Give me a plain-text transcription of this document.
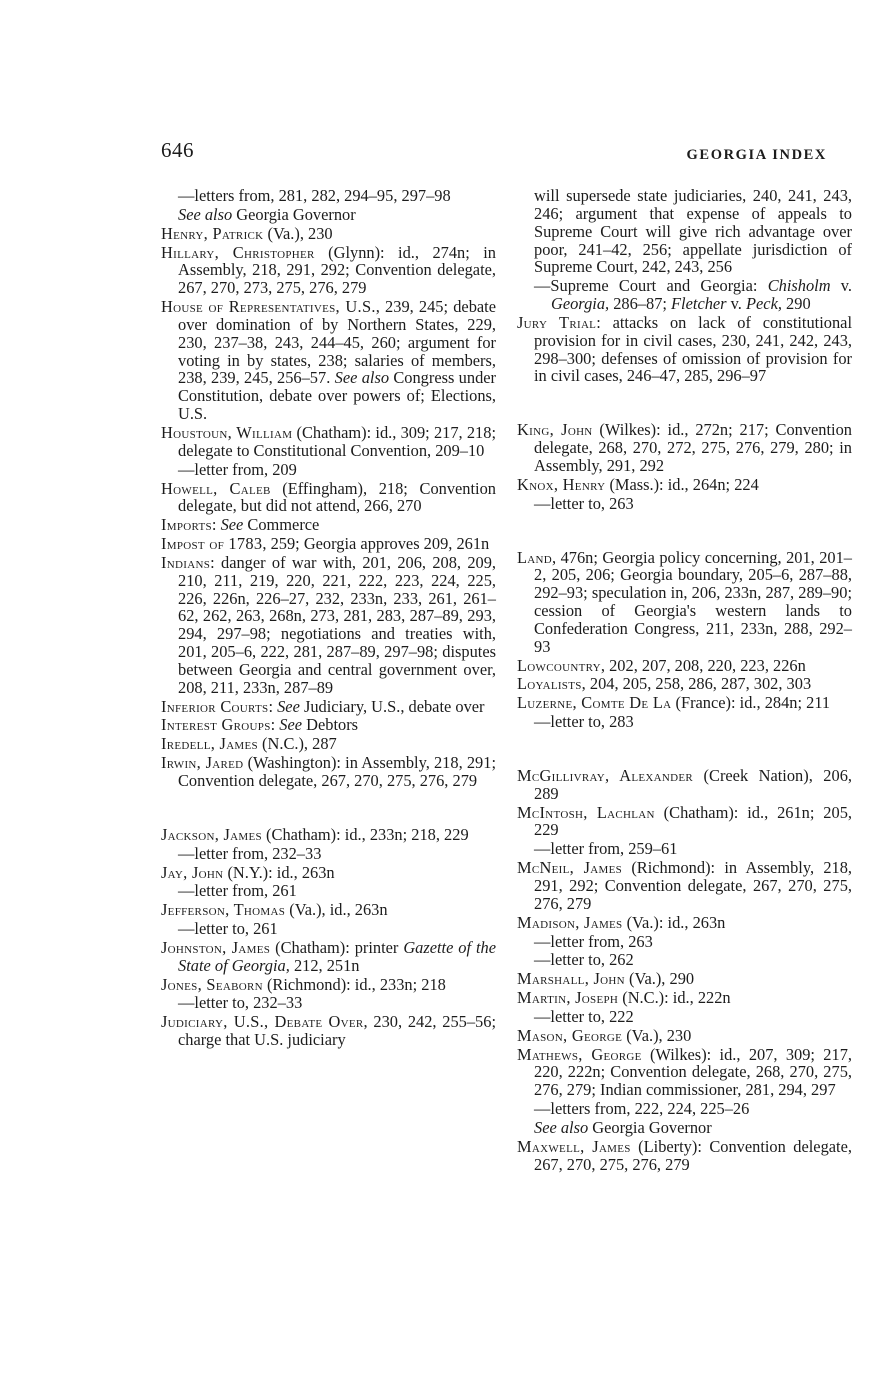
646	GEORGIA INDEX

—letters from, 281, 282, 294–95, 297–98

See also Georgia Governor

Henry, Patrick (Va.), 230

Hillary, Christopher (Glynn): id., 274n; in Assembly, 218, 291, 292; Convention delegate, 267, 270, 273, 275, 276, 279

House of Representatives, U.S., 239, 245; debate over domination of by Northern States, 229, 230, 237–38, 243, 244–45, 260; argument for voting in by states, 238; salaries of members, 238, 239, 245, 256–57. See also Congress under Constitution, debate over powers of; Elections, U.S.

Houstoun, William (Chatham): id., 309; 217, 218; delegate to Constitutional Convention, 209–10

—letter from, 209

Howell, Caleb (Effingham), 218; Convention delegate, but did not attend, 266, 270

Imports: See Commerce

Impost of 1783, 259; Georgia approves 209, 261n

Indians: danger of war with, 201, 206, 208, 209, 210, 211, 219, 220, 221, 222, 223, 224, 225, 226, 226n, 226–27, 232, 233n, 233, 261, 261–62, 262, 263, 268n, 273, 281, 283, 287–89, 293, 294, 297–98; negotiations and treaties with, 201, 205–6, 222, 281, 287–89, 297–98; disputes between Georgia and central government over, 208, 211, 233n, 287–89

Inferior Courts: See Judiciary, U.S., debate over

Interest Groups: See Debtors

Iredell, James (N.C.), 287

Irwin, Jared (Washington): in Assembly, 218, 291; Convention delegate, 267, 270, 275, 276, 279

Jackson, James (Chatham): id., 233n; 218, 229

—letter from, 232–33

Jay, John (N.Y.): id., 263n

—letter from, 261

Jefferson, Thomas (Va.), id., 263n

—letter to, 261

Johnston, James (Chatham): printer Gazette of the State of Georgia, 212, 251n

Jones, Seaborn (Richmond): id., 233n; 218

—letter to, 232–33

Judiciary, U.S., Debate Over, 230, 242, 255–56; charge that U.S. judiciary

will supersede state judiciaries, 240, 241, 243, 246; argument that expense of appeals to Supreme Court will give rich advantage over poor, 241–42, 256; appellate jurisdiction of Supreme Court, 242, 243, 256

—Supreme Court and Georgia: Chisholm v. Georgia, 286–87; Fletcher v. Peck, 290

Jury Trial: attacks on lack of constitutional provision for in civil cases, 230, 241, 242, 243, 298–300; defenses of omission of provision for in civil cases, 246–47, 285, 296–97

King, John (Wilkes): id., 272n; 217; Convention delegate, 268, 270, 272, 275, 276, 279, 280; in Assembly, 291, 292

Knox, Henry (Mass.): id., 264n; 224

—letter to, 263

Land, 476n; Georgia policy concerning, 201, 201–2, 205, 206; Georgia boundary, 205–6, 287–88, 292–93; speculation in, 206, 233n, 287, 289–90; cession of Georgia's western lands to Confederation Congress, 211, 233n, 288, 292–93

Lowcountry, 202, 207, 208, 220, 223, 226n

Loyalists, 204, 205, 258, 286, 287, 302, 303

Luzerne, Comte De La (France): id., 284n; 211

—letter to, 283

McGillivray, Alexander (Creek Nation), 206, 289

McIntosh, Lachlan (Chatham): id., 261n; 205, 229

—letter from, 259–61

McNeil, James (Richmond): in Assembly, 218, 291, 292; Convention delegate, 267, 270, 275, 276, 279

Madison, James (Va.): id., 263n

—letter from, 263

—letter to, 262

Marshall, John (Va.), 290

Martin, Joseph (N.C.): id., 222n

—letter to, 222

Mason, George (Va.), 230

Mathews, George (Wilkes): id., 207, 309; 217, 220, 222n; Convention delegate, 268, 270, 275, 276, 279; Indian commissioner, 281, 294, 297

—letters from, 222, 224, 225–26

See also Georgia Governor

Maxwell, James (Liberty): Convention delegate, 267, 270, 275, 276, 279
